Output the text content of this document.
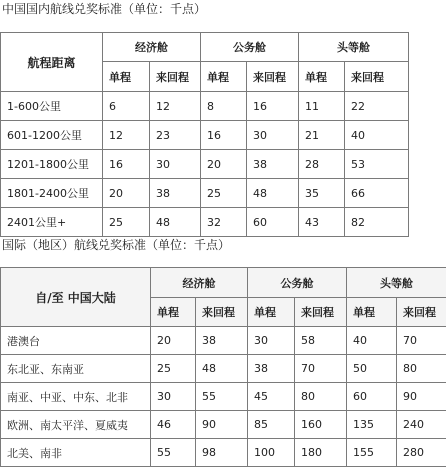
中国国内航线兑奖标准（单位：千点）
航程距离	经济舱		公务舱		头等舱	
	单程	来回程	单程	来回程	单程	来回程
1-600公里	6	12	8	16	11	22
601-1200公里	12	23	16	30	21	40
1201-1800公里	16	30	20	38	28	53
1801-2400公里	20	38	25	48	35	66
2401公里+	25	48	32	60	43	82
国际（地区）航线兑奖标准（单位：千点）
自/至 中国大陆	经济舱		公务舱		头等舱	
	单程	来回程	单程	来回程	单程	来回程
港澳台	20	38	30	58	40	70
东北亚、东南亚	25	48	38	70	50	80
南亚、中亚、中东、北非	30	55	45	80	60	90
欧洲、南太平洋、夏威夷	46	90	85	160	135	240
北美、南非	55	98	100	180	155	280
